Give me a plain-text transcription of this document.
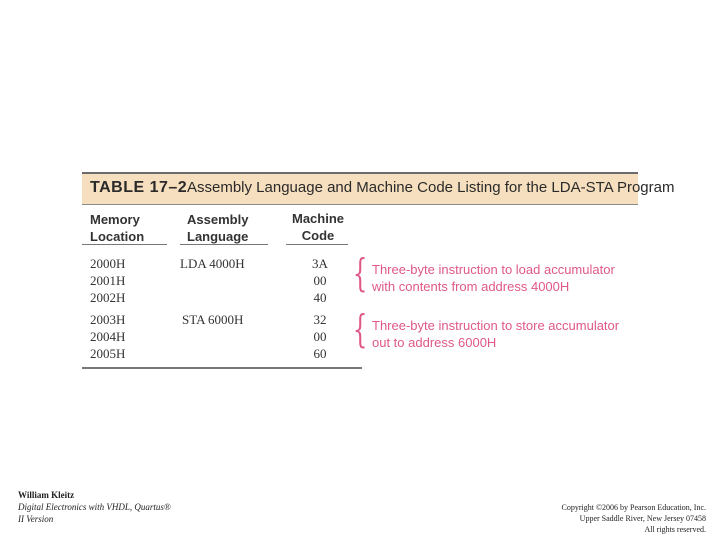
TABLE 17–2 Assembly Language and Machine Code Listing for the LDA-STA Program
Memory
Location
Assembly
Language
Machine
Code
2000H
2001H
2002H
LDA 4000H	3A
00
40
{ Three-byte instruction to load accumulator
with contents from address 4000H
2003H
2004H
2005H
STA 6000H	32
00
60
{ Three-byte instruction to store accumulator
out to address 6000H
William Kleitz
Digital Electronics with VHDL, Quartus®
II Version
Copyright ©2006 by Pearson Education, Inc.
Upper Saddle River, New Jersey 07458
All rights reserved.
